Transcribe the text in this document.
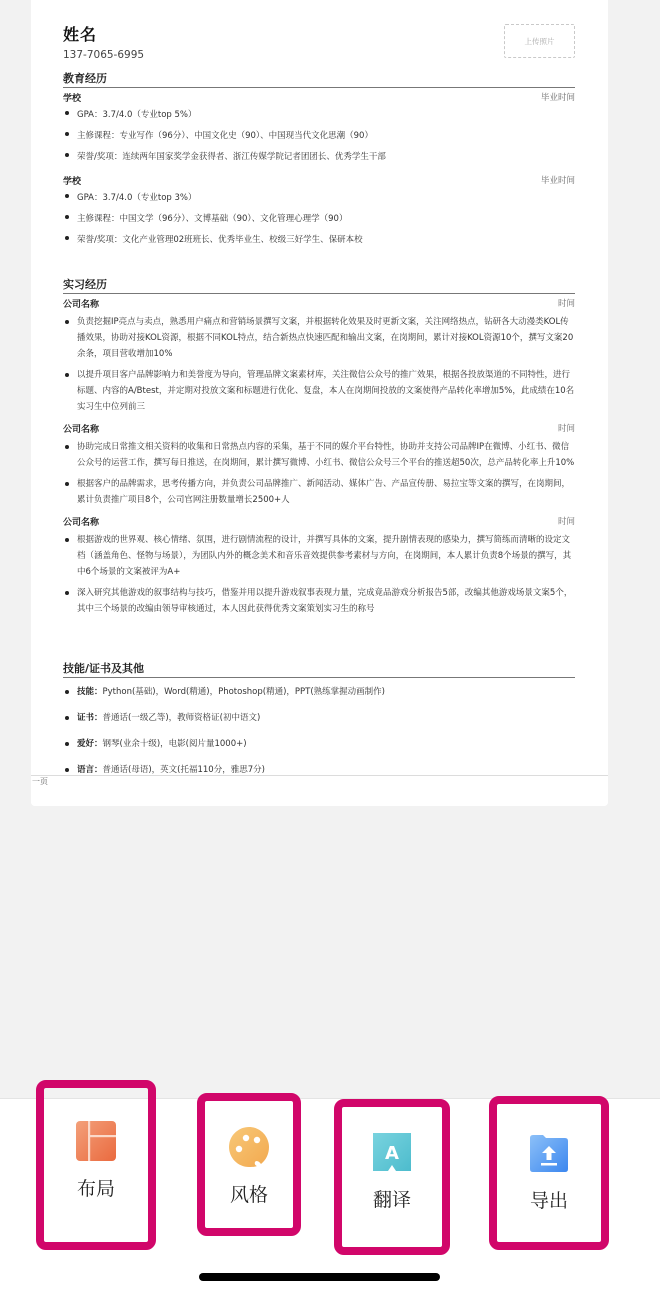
姓名
137-7065-6995
上传照片
教育经历
学校	毕业时间
GPA：3.7/4.0（专业top 5%）
主修课程：专业写作（96分）、中国文化史（90）、中国现当代文化思潮（90）
荣誉/奖项：连续两年国家奖学金获得者、浙江传媒学院记者团团长、优秀学生干部
学校	毕业时间
GPA：3.7/4.0（专业top 3%）
主修课程：中国文学（96分）、文博基础（90）、文化管理心理学（90）
荣誉/奖项：文化产业管理02班班长、优秀毕业生、校级三好学生、保研本校
实习经历
公司名称	时间
负责挖掘IP亮点与卖点，熟悉用户痛点和营销场景撰写文案，并根据转化效果及时更新文案，关注网络热点，钻研各大动漫类KOL传播效果，协助对接KOL资源，根据不同KOL特点，结合新热点快速匹配和输出文案，在岗期间，累计对接KOL资源10个，撰写文案20余条，项目营收增加10%
以提升项目客户品牌影响力和美誉度为导向，管理品牌文案素材库，关注微信公众号的推广效果，根据各投放渠道的不同特性，进行标题、内容的A/Btest，并定期对投放文案和标题进行优化、复盘，本人在岗期间投放的文案使得产品转化率增加5%，此成绩在10名实习生中位列前三
公司名称	时间
协助完成日常推文相关资料的收集和日常热点内容的采集，基于不同的媒介平台特性，协助并支持公司品牌IP在微博、小红书、微信公众号的运营工作，撰写每日推送，在岗期间，累计撰写微博、小红书、微信公众号三个平台的推送超50次，总产品转化率上升10%
根据客户的品牌需求，思考传播方向，并负责公司品牌推广、新闻活动、媒体广告、产品宣传册、易拉宝等文案的撰写，在岗期间，累计负责推广项目8个，公司官网注册数量增长2500+人
公司名称	时间
根据游戏的世界观、核心情绪、氛围，进行剧情流程的设计，并撰写具体的文案，提升剧情表现的感染力，撰写简练而清晰的设定文档（涵盖角色、怪物与场景），为团队内外的概念美术和音乐音效提供参考素材与方向，在岗期间，本人累计负责8个场景的撰写，其中6个场景的文案被评为A+
深入研究其他游戏的叙事结构与技巧，借鉴并用以提升游戏叙事表现力量，完成竟品游戏分析报告5部，改编其他游戏场景文案5个，其中三个场景的改编由领导审核通过，本人因此获得优秀文案策划实习生的称号
技能/证书及其他
技能：Python(基础)，Word(精通)，Photoshop(精通)，PPT(熟练掌握动画制作)
证书：普通话(一级乙等)，教师资格证(初中语文)
爱好：钢琴(业余十级)，电影(阅片量1000+)
语言：普通话(母语)，英文(托福110分，雅思7分)
一页
布局	风格
A
翻译	导出
